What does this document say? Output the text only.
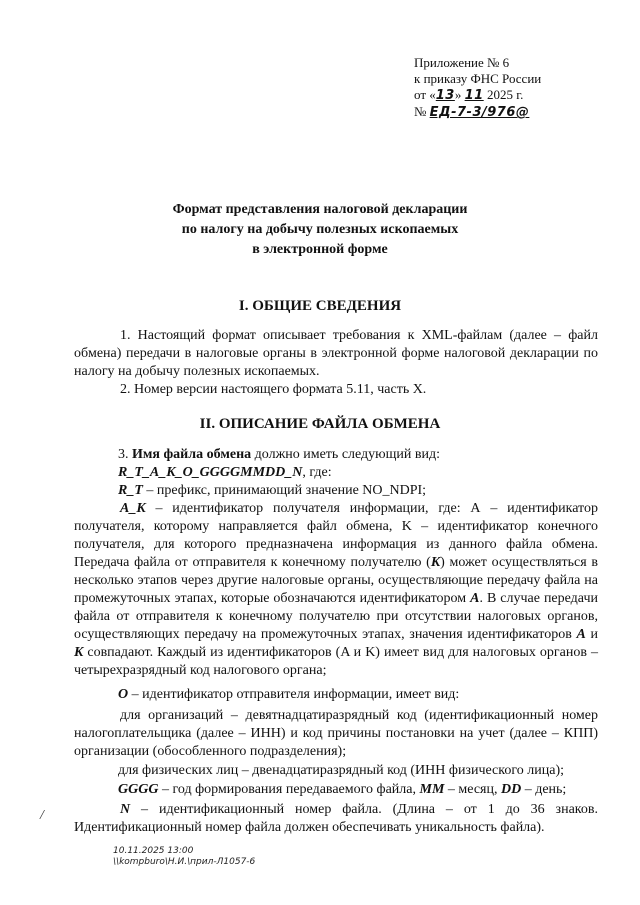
Приложение № 6
к приказу ФНС России
от «13» 11 2025 г.
№ ЕД-7-3/976@
Формат представления налоговой декларации
по налогу на добычу полезных ископаемых
в электронной форме
I. ОБЩИЕ СВЕДЕНИЯ
1. Настоящий формат описывает требования к XML-файлам (далее – файл обмена) передачи в налоговые органы в электронной форме налоговой декларации по налогу на добычу полезных ископаемых.
2. Номер версии настоящего формата 5.11, часть X.
II. ОПИСАНИЕ ФАЙЛА ОБМЕНА
3. Имя файла обмена должно иметь следующий вид:
R_T_A_K_O_GGGGMMDD_N, где:
R_T – префикс, принимающий значение NO_NDPI;
A_K – идентификатор получателя информации, где: А – идентификатор получателя, которому направляется файл обмена, K – идентификатор конечного получателя, для которого предназначена информация из данного файла обмена. Передача файла от отправителя к конечному получателю (K) может осуществляться в несколько этапов через другие налоговые органы, осуществляющие передачу файла на промежуточных этапах, которые обозначаются идентификатором A. В случае передачи файла от отправителя к конечному получателю при отсутствии налоговых органов, осуществляющих передачу на промежуточных этапах, значения идентификаторов A и K совпадают. Каждый из идентификаторов (A и K) имеет вид для налоговых органов – четырехразрядный код налогового органа;
O – идентификатор отправителя информации, имеет вид:
для организаций – девятнадцатиразрядный код (идентификационный номер налогоплательщика (далее – ИНН) и код причины постановки на учет (далее – КПП) организации (обособленного подразделения);
для физических лиц – двенадцатиразрядный код (ИНН физического лица);
GGGG – год формирования передаваемого файла, MM – месяц, DD – день;
N – идентификационный номер файла. (Длина – от 1 до 36 знаков. Идентификационный номер файла должен обеспечивать уникальность файла).
/
10.11.2025 13:00
\\kompburo\Н.И.\прил-Л1057-6
